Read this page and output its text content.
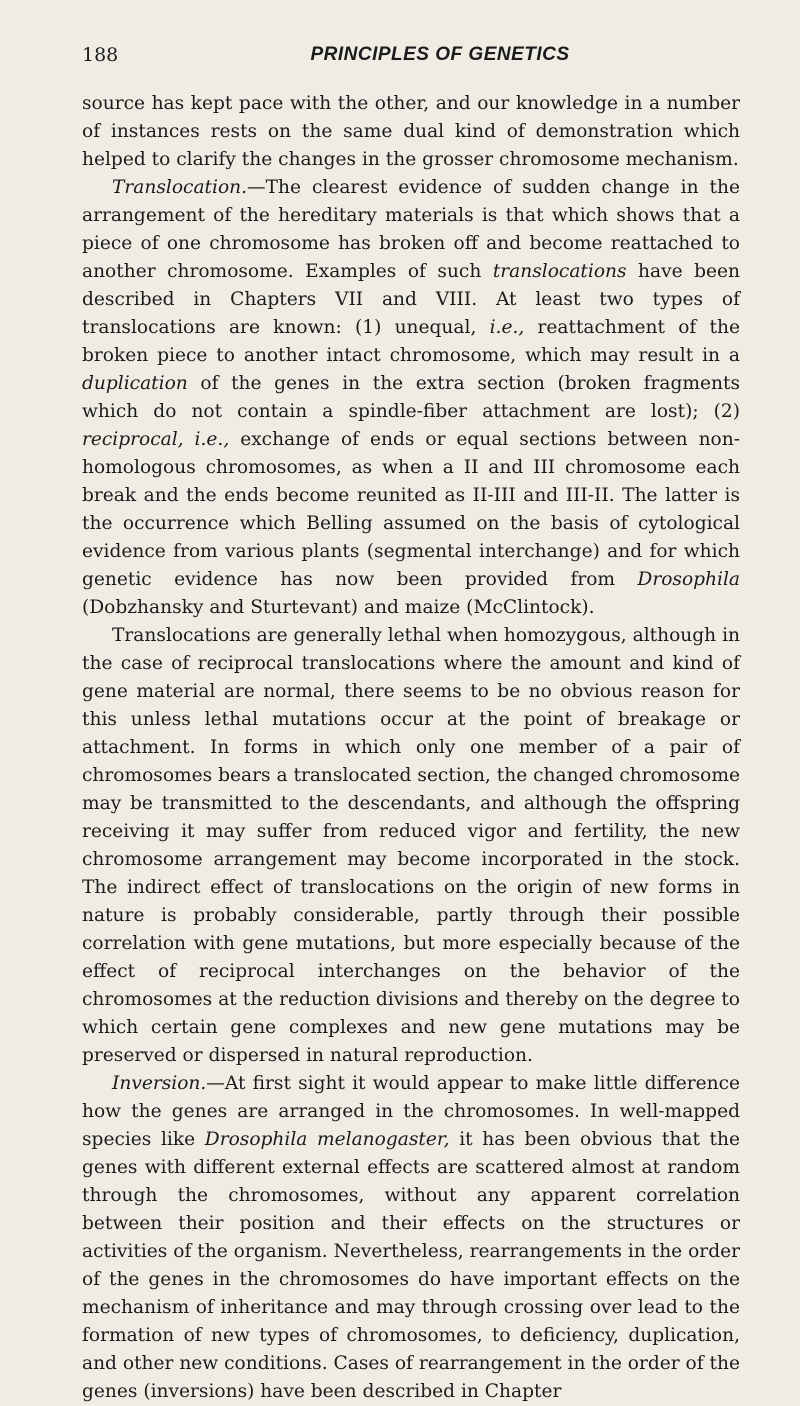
188	PRINCIPLES OF GENETICS

source has kept pace with the other, and our knowledge in a number of instances rests on the same dual kind of demonstration which helped to clarify the changes in the grosser chromosome mechanism.

Translocation.—The clearest evidence of sudden change in the arrangement of the hereditary materials is that which shows that a piece of one chromosome has broken off and become reattached to another chromosome. Examples of such translocations have been described in Chapters VII and VIII. At least two types of translocations are known: (1) unequal, i.e., reattachment of the broken piece to another intact chromosome, which may result in a duplication of the genes in the extra section (broken fragments which do not contain a spindle-fiber attachment are lost); (2) reciprocal, i.e., exchange of ends or equal sections between non-homologous chromosomes, as when a II and III chromosome each break and the ends become reunited as II-III and III-II. The latter is the occurrence which Belling assumed on the basis of cytological evidence from various plants (segmental interchange) and for which genetic evidence has now been provided from Drosophila (Dobzhansky and Sturtevant) and maize (McClintock).

Translocations are generally lethal when homozygous, although in the case of reciprocal translocations where the amount and kind of gene material are normal, there seems to be no obvious reason for this unless lethal mutations occur at the point of breakage or attachment. In forms in which only one member of a pair of chromosomes bears a translocated section, the changed chromosome may be transmitted to the descendants, and although the offspring receiving it may suffer from reduced vigor and fertility, the new chromosome arrangement may become incorporated in the stock. The indirect effect of translocations on the origin of new forms in nature is probably considerable, partly through their possible correlation with gene mutations, but more especially because of the effect of reciprocal interchanges on the behavior of the chromosomes at the reduction divisions and thereby on the degree to which certain gene complexes and new gene mutations may be preserved or dispersed in natural reproduction.

Inversion.—At first sight it would appear to make little difference how the genes are arranged in the chromosomes. In well-mapped species like Drosophila melanogaster, it has been obvious that the genes with different external effects are scattered almost at random through the chromosomes, without any apparent correlation between their position and their effects on the structures or activities of the organism. Nevertheless, rearrangements in the order of the genes in the chromosomes do have important effects on the mechanism of inheritance and may through crossing over lead to the formation of new types of chromosomes, to deficiency, duplication, and other new conditions. Cases of rearrangement in the order of the genes (inversions) have been described in Chapter
